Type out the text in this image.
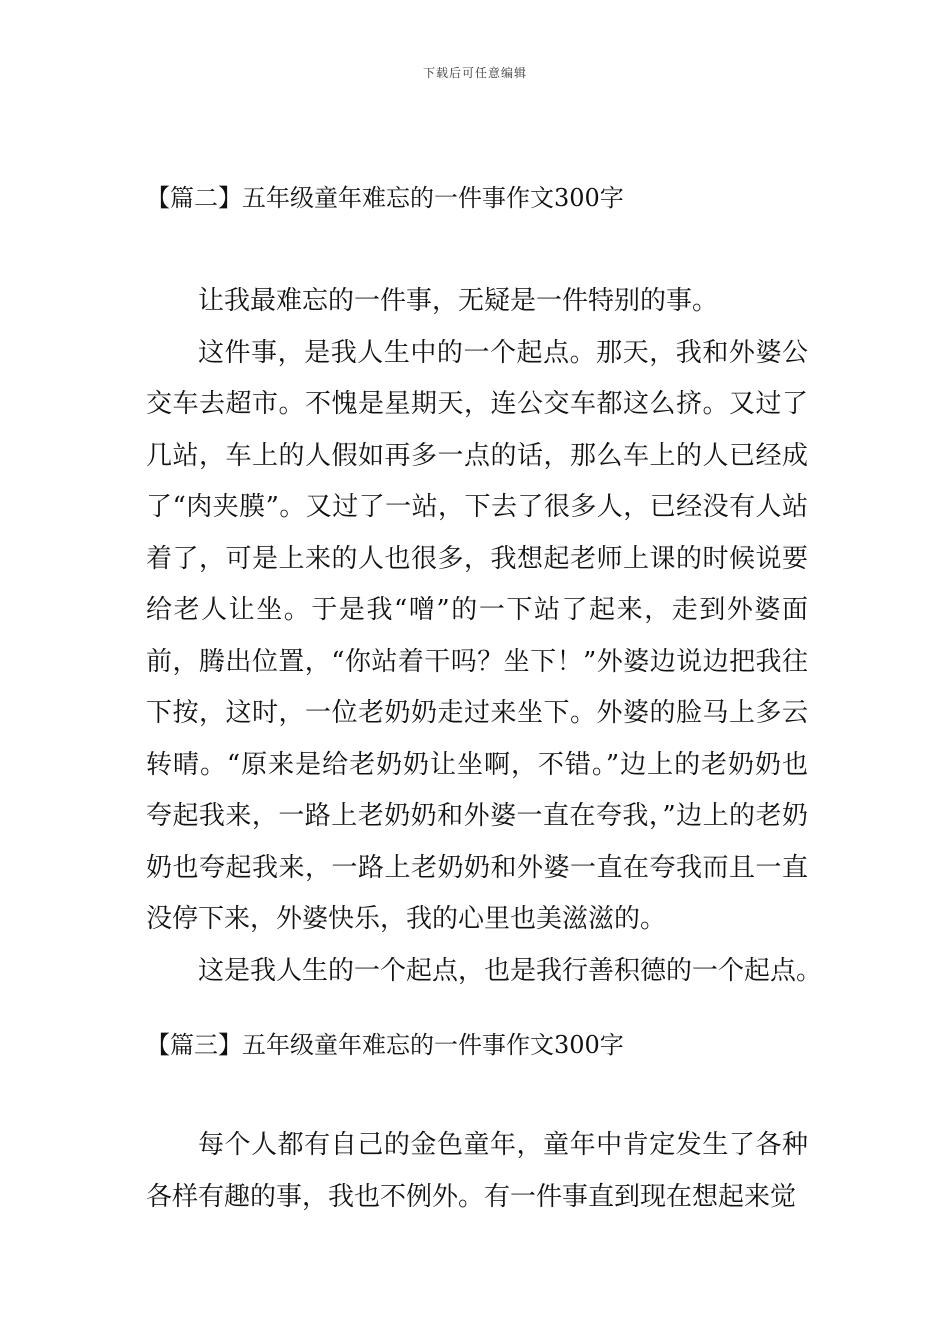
下载后可任意编辑
【篇二】五年级童年难忘的一件事作文300字

让我最难忘的一件事，无疑是一件特别的事。

这件事，是我人生中的一个起点。那天，我和外婆公交车去超市。不愧是星期天，连公交车都这么挤。又过了几站，车上的人假如再多一点的话，那么车上的人已经成了“肉夹膜”。又过了一站，下去了很多人，已经没有人站着了，可是上来的人也很多，我想起老师上课的时候说要给老人让坐。于是我“噌”的一下站了起来，走到外婆面前，腾出位置，“你站着干吗？坐下！”外婆边说边把我往下按，这时，一位老奶奶走过来坐下。外婆的脸马上多云转晴。“原来是给老奶奶让坐啊，不错。”边上的老奶奶也夸起我来，一路上老奶奶和外婆一直在夸我，”边上的老奶奶也夸起我来，一路上老奶奶和外婆一直在夸我而且一直没停下来，外婆快乐，我的心里也美滋滋的。

这是我人生的一个起点，也是我行善积德的一个起点。

【篇三】五年级童年难忘的一件事作文300字

每个人都有自己的金色童年，童年中肯定发生了各种各样有趣的事，我也不例外。有一件事直到现在想起来觉
